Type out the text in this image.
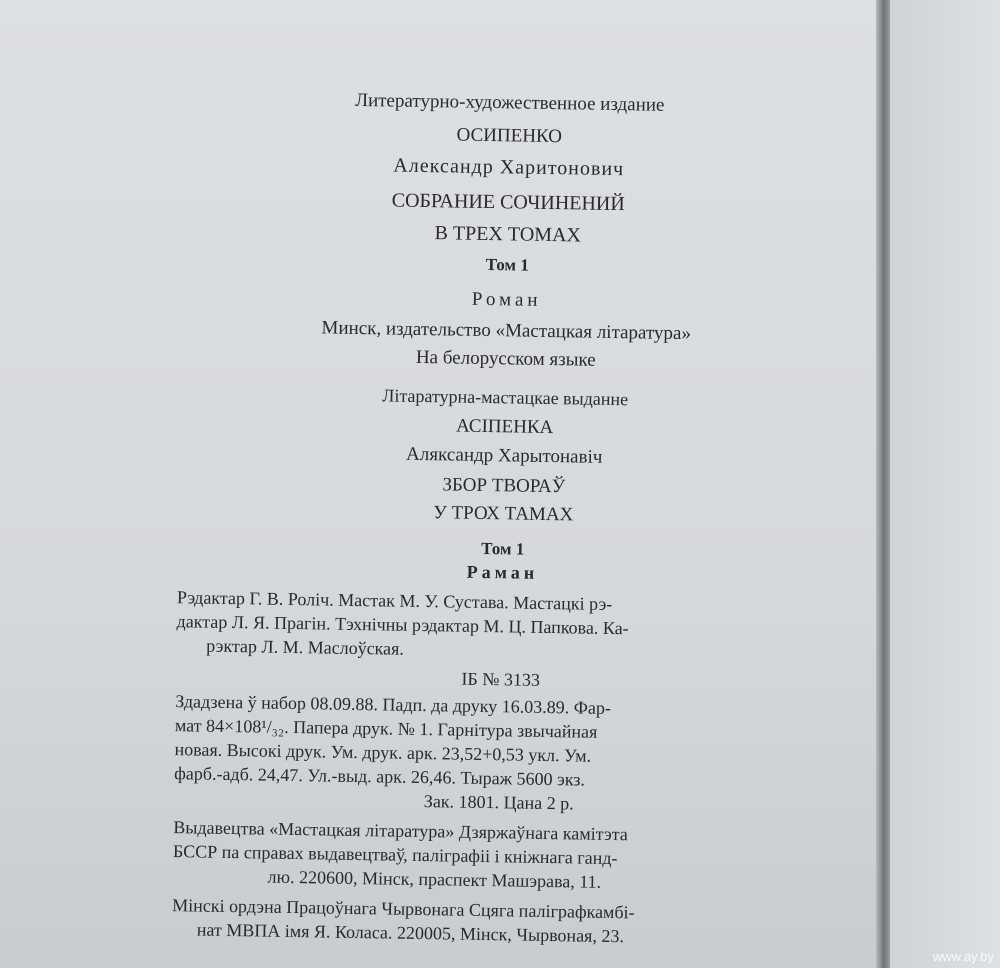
Литературно-художественное издание
ОСИПЕНКО
Александр Харитонович
СОБРАНИЕ СОЧИНЕНИЙ
В ТРЕХ ТОМАХ
Том 1
Роман
Минск, издательство «Мастацкая літаратура»
На белорусском языке
Літаратурна-мастацкае выданне
АСІПЕНКА
Аляксандр Харытонавіч
ЗБОР ТВОРАЎ
У ТРОХ ТАМАХ
Том 1
Раман
Рэдактар Г. В. Роліч. Мастак М. У. Сустава. Мастацкі рэ-
дактар Л. Я. Прагін. Тэхнічны рэдактар М. Ц. Папкова. Ка-
рэктар Л. М. Маслоўская.
ІБ № 3133
Здадзена ў набор 08.09.88. Падп. да друку 16.03.89. Фар-
мат 84×108¹/₃₂. Папера друк. № 1. Гарнітура звычайная
новая. Высокі друк. Ум. друк. арк. 23,52+0,53 укл. Ум.
фарб.-адб. 24,47. Ул.-выд. арк. 26,46. Тыраж 5600 экз.
Зак. 1801. Цана 2 р.
Выдавецтва «Мастацкая літаратура» Дзяржаўнага камітэта
БССР па справах выдавецтваў, паліграфіі і кніжнага ганд-
лю. 220600, Мінск, праспект Машэрава, 11.
Мінскі ордэна Працоўнага Чырвонага Сцяга паліграфкамбі-
нат МВПА імя Я. Коласа. 220005, Мінск, Чырвоная, 23.
www.ay.by
